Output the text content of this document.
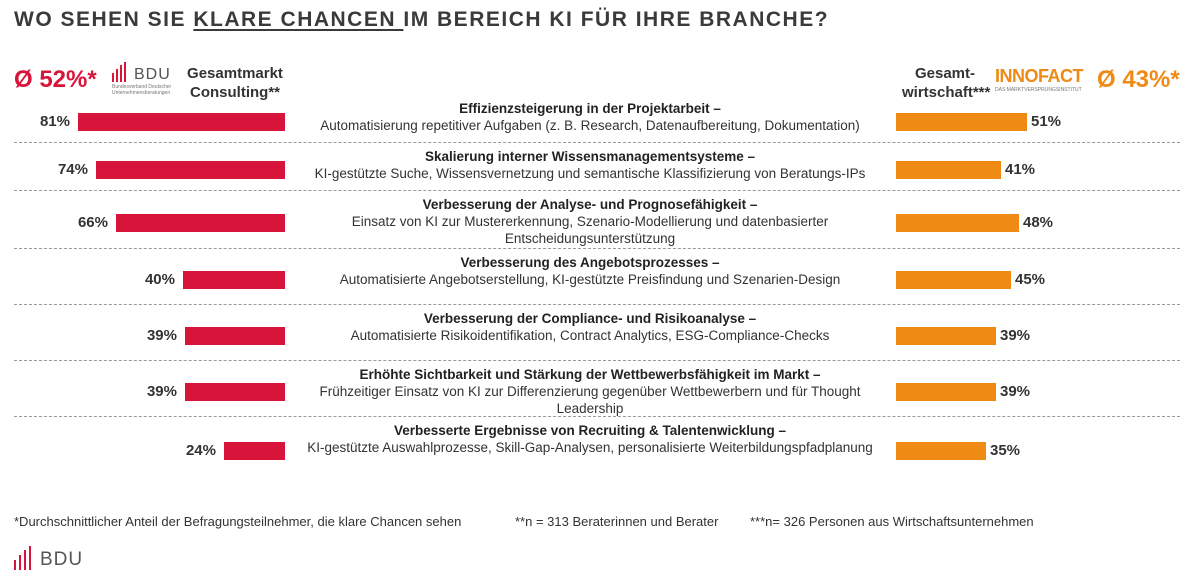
WO SEHEN SIE KLARE CHANCEN IM BEREICH KI FÜR IHRE BRANCHE?
Ø 52%* BDU
Bundesverband Deutscher Unternehmensberatungen
Gesamtmarkt Consulting**
Gesamt-wirtschaft***
INNOFACT
DAS MARKTVERSPRUNGSINSTITUT Ø 43%*
Effizienzsteigerung in der Projektarbeit –
Automatisierung repetitiver Aufgaben (z. B. Research, Datenaufbereitung, Dokumentation)
81%	51%
Skalierung interner Wissensmanagementsysteme –
KI-gestützte Suche, Wissensvernetzung und semantische Klassifizierung von Beratungs-IPs
74%	41%
Verbesserung der Analyse- und Prognosefähigkeit –
Einsatz von KI zur Mustererkennung, Szenario-Modellierung und datenbasierter Entscheidungsunterstützung
66%	48%
Verbesserung des Angebotsprozesses –
Automatisierte Angebotserstellung, KI-gestützte Preisfindung und Szenarien-Design
40%	45%
Verbesserung der Compliance- und Risikoanalyse –
Automatisierte Risikoidentifikation, Contract Analytics, ESG-Compliance-Checks
39%	39%
Erhöhte Sichtbarkeit und Stärkung der Wettbewerbsfähigkeit im Markt –
Frühzeitiger Einsatz von KI zur Differenzierung gegenüber Wettbewerbern und für Thought Leadership
39%	39%
Verbesserte Ergebnisse von Recruiting & Talentenwicklung –
KI-gestützte Auswahlprozesse, Skill-Gap-Analysen, personalisierte Weiterbildungspfadplanung
24%	35%
*Durchschnittlicher Anteil der Befragungsteilnehmer, die klare Chancen sehen	**n = 313 Beraterinnen und Berater ***n= 326 Personen aus Wirtschaftsunternehmen
BDU
